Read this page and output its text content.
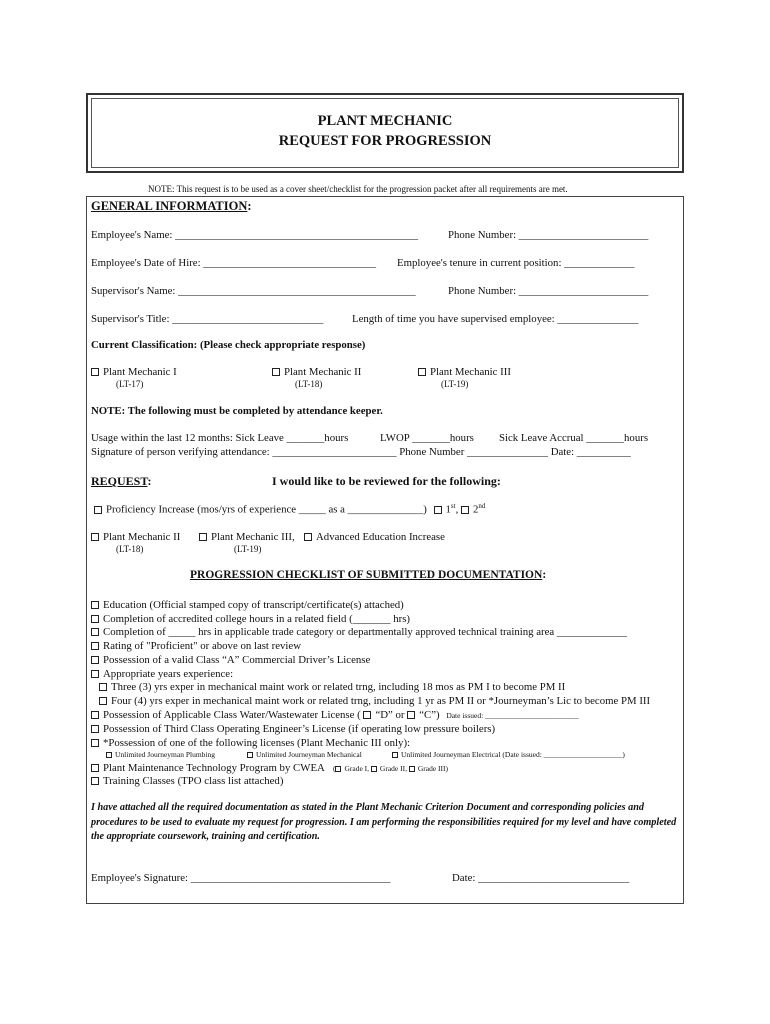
PLANT MECHANIC
REQUEST FOR PROGRESSION
NOTE: This request is to be used as a cover sheet/checklist for the progression packet after all requirements are met.
GENERAL INFORMATION:
Employee's Name: _____________________________________________	Phone Number: ________________________
Employee's Date of Hire: ________________________________ Employee's tenure in current position: _____________
Supervisor's Name: ____________________________________________	Phone Number: ________________________
Supervisor's Title: ____________________________	Length of time you have supervised employee: _______________
Current Classification: (Please check appropriate response)
Plant Mechanic I
(LT-17)
Plant Mechanic II
(LT-18)
Plant Mechanic III
(LT-19)
NOTE: The following must be completed by attendance keeper.
Usage within the last 12 months: Sick Leave _______hours	LWOP _______hours Sick Leave Accrual _______hours
Signature of person verifying attendance: _______________________ Phone Number _______________ Date: __________
REQUEST:	I would like to be reviewed for the following:
Proficiency Increase (mos/yrs of experience _____ as a ______________) 1st, 2nd
Plant Mechanic II
(LT-18)
Plant Mechanic III,
(LT-19)
Advanced Education Increase
PROGRESSION CHECKLIST OF SUBMITTED DOCUMENTATION:
Education (Official stamped copy of transcript/certificate(s) attached)
Completion of accredited college hours in a related field (_______ hrs)
Completion of _____ hrs in applicable trade category or departmentally approved technical training area _____________
Rating of "Proficient" or above on last review
Possession of a valid Class “A” Commercial Driver’s License
Appropriate years experience:
Three (3) yrs exper in mechanical maint work or related trng, including 18 mos as PM I to become PM II
Four (4) yrs exper in mechanical maint work or related trng, including 1 yr as PM II or *Journeyman’s Lic to become PM III
Possession of Applicable Class Water/Wastewater License ( “D” or “C”) Date issued: _________________________
Possession of Third Class Operating Engineer’s License (if operating low pressure boilers)
*Possession of one of the following licenses (Plant Mechanic III only):
Unlimited Journeyman Plumbing	Unlimited Journeyman Mechanical	Unlimited Journeyman Electrical (Date issued: _____________________)
Plant Maintenance Technology Program by CWEA ( Grade I, Grade II, Grade III)
Training Classes (TPO class list attached)
I have attached all the required documentation as stated in the Plant Mechanic Criterion Document and corresponding policies and procedures to be used to evaluate my request for progression. I am performing the responsibilities required for my level and have completed the appropriate coursework, training and certification.
Employee's Signature: _____________________________________	Date: ____________________________
